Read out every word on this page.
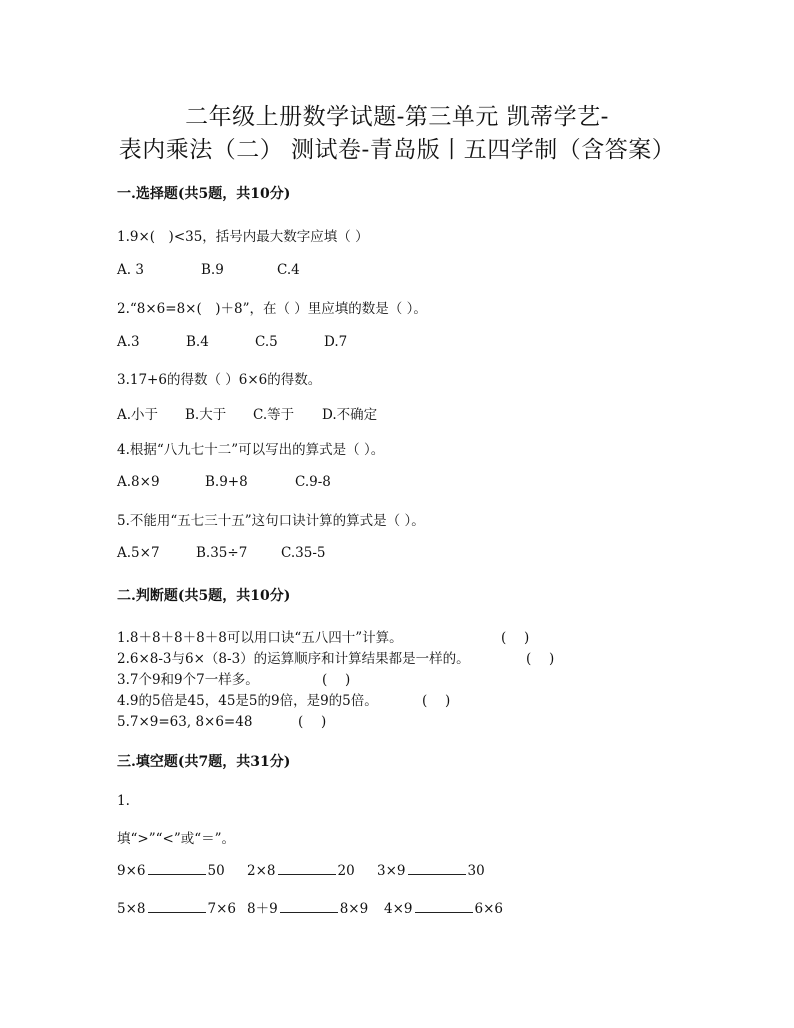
二年级上册数学试题-第三单元 凯蒂学艺-
表内乘法（二） 测试卷-青岛版丨五四学制（含答案）
一.选择题(共5题，共10分)
1.9×(　)<35，括号内最大数字应填（ ）
A. 3	B.9	C.4
2.“8×6=8×(　)＋8”，在（ ）里应填的数是（ ）。
A.3	B.4	C.5	D.7
3.17+6的得数（ ）6×6的得数。
A.小于 B.大于 C.等于 D.不确定
4.根据“八九七十二”可以写出的算式是（ ）。
A.8×9	B.9+8	C.9-8
5.不能用“五七三十五”这句口诀计算的算式是（ ）。
A.5×7	B.35÷7 C.35-5
二.判断题(共5题，共10分)
1.8＋8＋8＋8＋8可以用口诀“五八四十”计算。	(　 )
2.6×8-3与6×（8-3）的运算顺序和计算结果都是一样的。	(　 )
3.7个9和9个7一样多。	(　 )
4.9的5倍是45，45是5的9倍，是9的5倍。	(　 )
5.7×9=63, 8×6=48	(　 )
三.填空题(共7题，共31分)
1.
填“>”“<”或“＝”。
9×6	50 2×8	20 3×9	30
5×8	7×6 8＋9	8×9 4×9	6×6
